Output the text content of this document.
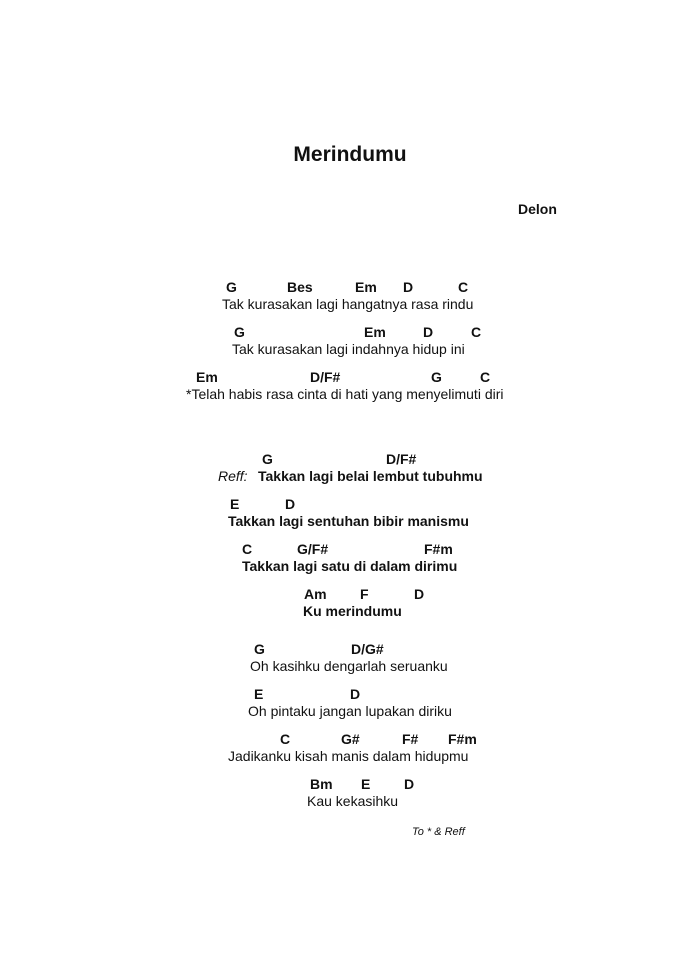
Merindumu
Delon
G	Bes	Em D	C
Tak kurasakan lagi hangatnya rasa rindu
G	Em	D	C
Tak kurasakan lagi indahnya hidup ini
Em	D/F#	G	C
*Telah habis rasa cinta di hati yang menyelimuti diri
G	D/F#
Reff: Takkan lagi belai lembut tubuhmu
E	D
Takkan lagi sentuhan bibir manismu
C	G/F#	F#m
Takkan lagi satu di dalam dirimu
Am F	D
Ku merindumu
G	D/G#
Oh kasihku dengarlah seruanku
E	D
Oh pintaku jangan lupakan diriku
C	G#	F# F#m
Jadikanku kisah manis dalam hidupmu
Bm E D
Kau kekasihku
To * & Reff
